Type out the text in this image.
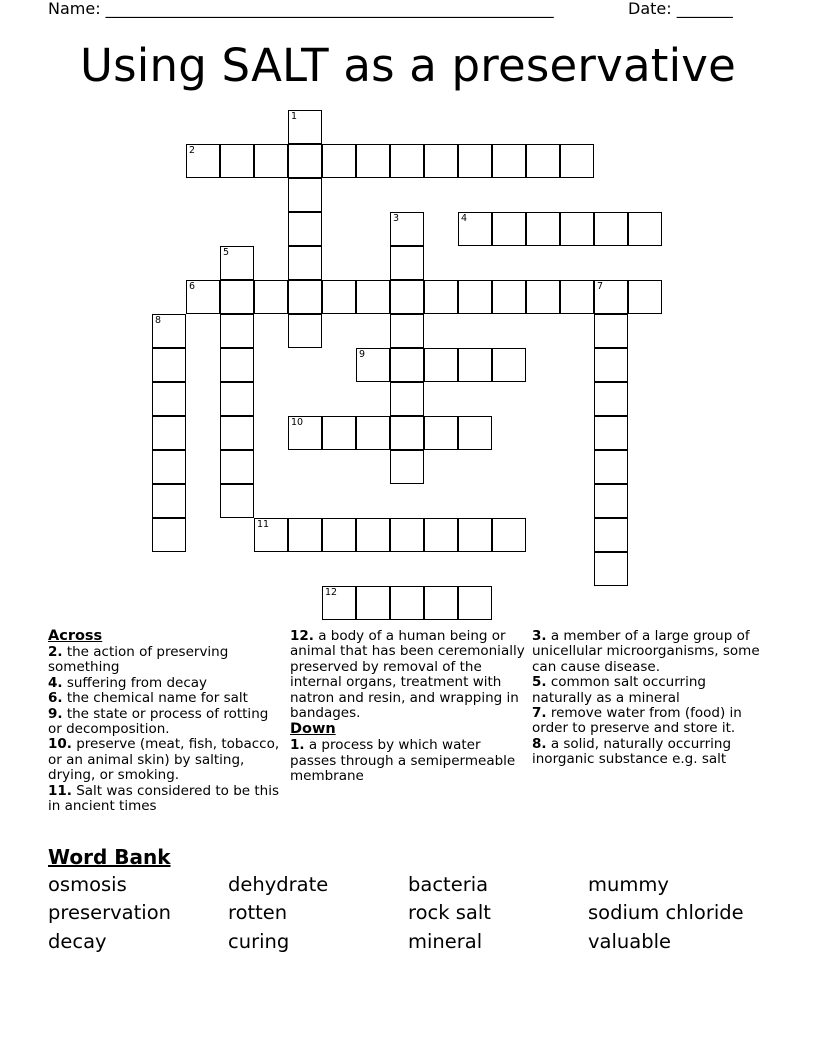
Name: ________________________________________________________	Date: _______
Using SALT as a preservative
2
4
6	7
9
10
11
12
1
3
5
8
Across

2. the action of preserving something

4. suffering from decay

6. the chemical name for salt

9. the state or process of rotting or decomposition.

10. preserve (meat, fish, tobacco, or an animal skin) by salting, drying, or smoking.

11. Salt was considered to be this in ancient times

12. a body of a human being or animal that has been ceremonially preserved by removal of the internal organs, treatment with natron and resin, and wrapping in bandages.

Down

1. a process by which water passes through a semipermeable membrane

3. a member of a large group of unicellular microorganisms, some can cause disease.

5. common salt occurring naturally as a mineral

7. remove water from (food) in order to preserve and store it.

8. a solid, naturally occurring inorganic substance e.g. salt

Word Bank
osmosis	dehydrate	bacteria	mummy
preservation	rotten	rock salt	sodium chloride
decay	curing	mineral	valuable
